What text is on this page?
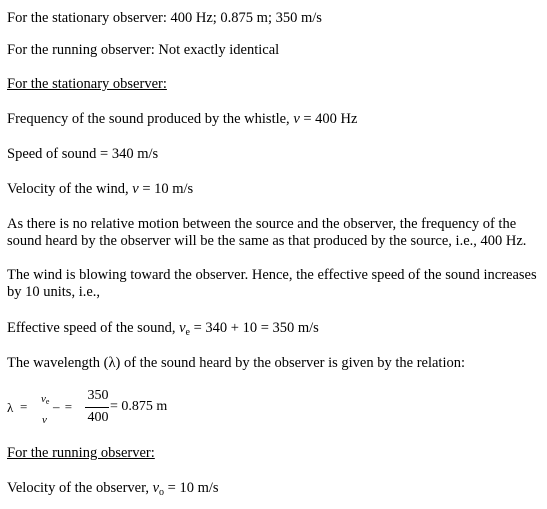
For the stationary observer: 400 Hz; 0.875 m; 350 m/s
For the running observer: Not exactly identical
For the stationary observer:
Frequency of the sound produced by the whistle, ν = 400 Hz
Speed of sound = 340 m/s
Velocity of the wind, v = 10 m/s
As there is no relative motion between the source and the observer, the frequency of the sound heard by the observer will be the same as that produced by the source, i.e., 400 Hz.
The wind is blowing toward the observer. Hence, the effective speed of the sound increases by 10 units, i.e.,
Effective speed of the sound, $v_e = 340 + 10 = 350$ m/s
The wavelength (λ) of the sound heard by the observer is given by the relation:
$\lambda = v_e$
ν
– =
350
400
= 0.875 m
For the running observer:
Velocity of the observer, $v_o = 10$ m/s
